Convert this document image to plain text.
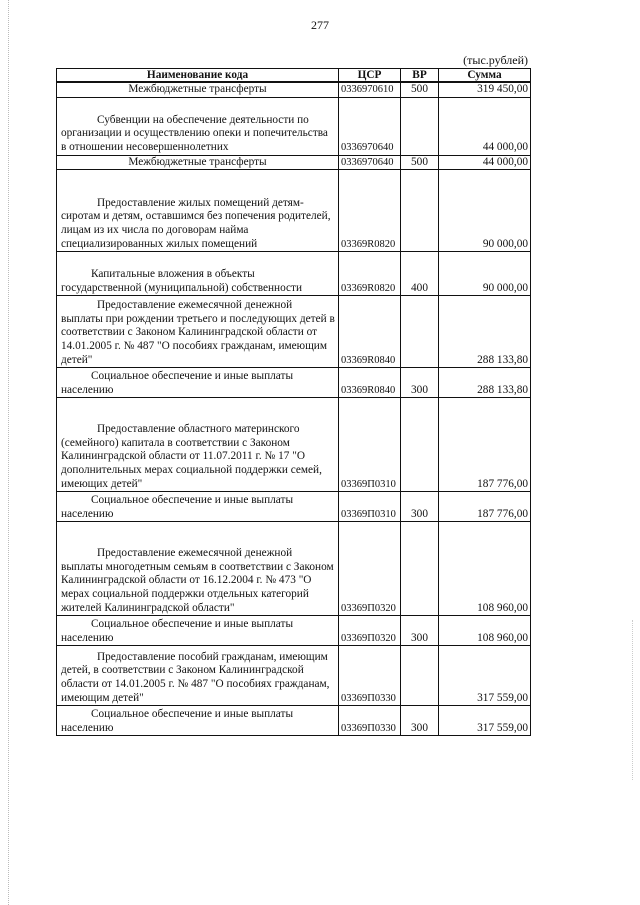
277
(тыс.рублей)
Наименование кода	ЦСР	ВР	Сумма

Межбюджетные трансферты	0336970610	500	319 450,00

Субвенции на обеспечение деятельности по организации и осуществлению опеки и попечительства в отношении несовершеннолетних	0336970640		44 000,00

Межбюджетные трансферты	0336970640	500	44 000,00

Предоставление жилых помещений детям-сиротам и детям, оставшимся без попечения родителей, лицам из их числа по договорам найма специализированных жилых помещений	03369R0820		90 000,00

Капитальные вложения в объекты государственной (муниципальной) собственности	03369R0820	400	90 000,00

Предоставление ежемесячной денежной выплаты при рождении третьего и последующих детей в соответствии с Законом Калининградской области от 14.01.2005 г. № 487 "О пособиях гражданам, имеющим детей"	03369R0840		288 133,80

Социальное обеспечение и иные выплаты населению	03369R0840	300	288 133,80

Предоставление областного материнского (семейного) капитала в соответствии с Законом Калининградской области от 11.07.2011 г. № 17 "О дополнительных мерах социальной поддержки семей, имеющих детей"	03369П0310		187 776,00

Социальное обеспечение и иные выплаты населению	03369П0310	300	187 776,00

Предоставление ежемесячной денежной выплаты многодетным семьям в соответствии с Законом Калининградской области от 16.12.2004 г. № 473 "О мерах социальной поддержки отдельных категорий жителей Калининградской области"	03369П0320		108 960,00

Социальное обеспечение и иные выплаты населению	03369П0320	300	108 960,00

Предоставление пособий гражданам, имеющим детей, в соответствии с Законом Калининградской области от 14.01.2005 г. № 487 "О пособиях гражданам, имеющим детей"	03369П0330		317 559,00

Социальное обеспечение и иные выплаты населению	03369П0330	300	317 559,00
